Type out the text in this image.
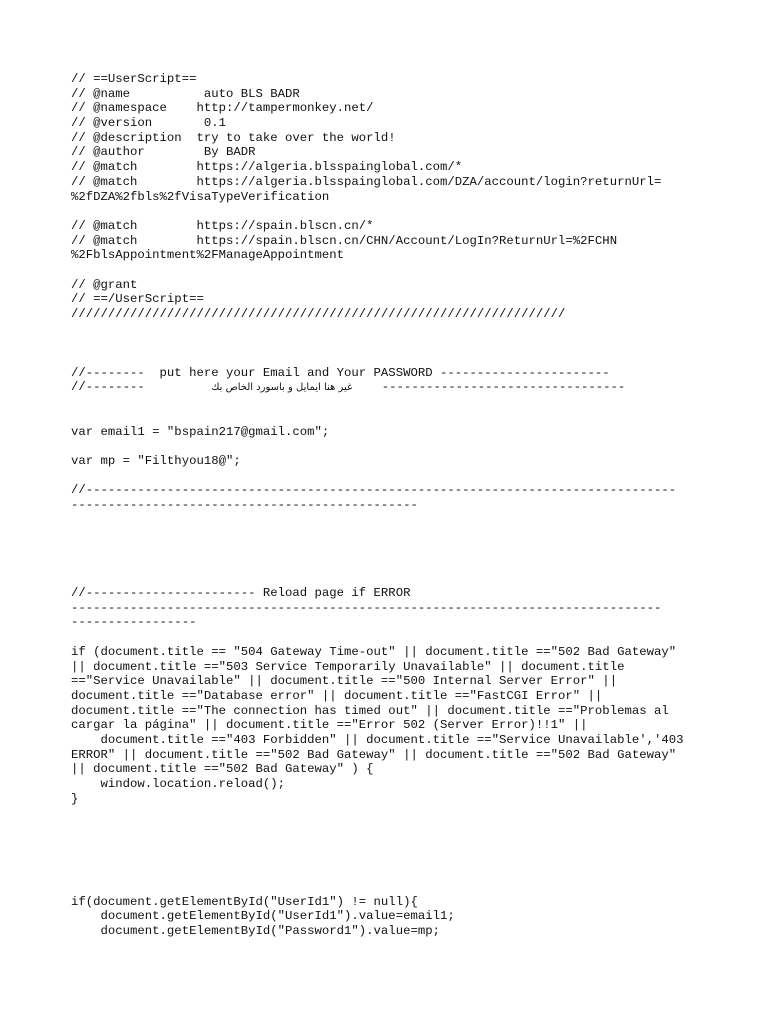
// ==UserScript==
// @name          auto BLS BADR
// @namespace    http://tampermonkey.net/
// @version       0.1
// @description  try to take over the world!
// @author        By BADR
// @match        https://algeria.blsspainglobal.com/*
// @match        https://algeria.blsspainglobal.com/DZA/account/login?returnUrl=
%2fDZA%2fbls%2fVisaTypeVerification
// @match        https://spain.blscn.cn/*
// @match        https://spain.blscn.cn/CHN/Account/LogIn?ReturnUrl=%2FCHN
%2FblsAppointment%2FManageAppointment
// @grant
// ==/UserScript==
///////////////////////////////////////////////////////////////////
//--------  put here your Email and Your PASSWORD -----------------------
//--------	غير هنا ايمايل و باسورد الخاص بك ---------------------------------
var email1 = "bspain217@gmail.com";
var mp = "Filthyou18@";
//--------------------------------------------------------------------------------
-----------------------------------------------
//----------------------- Reload page if ERROR
--------------------------------------------------------------------------------
-----------------
if (document.title == "504 Gateway Time-out" || document.title =="502 Bad Gateway"
|| document.title =="503 Service Temporarily Unavailable" || document.title
=="Service Unavailable" || document.title =="500 Internal Server Error" ||
document.title =="Database error" || document.title =="FastCGI Error" ||
document.title =="The connection has timed out" || document.title =="Problemas al
cargar la página" || document.title =="Error 502 (Server Error)!!1" ||
document.title =="403 Forbidden" || document.title =="Service Unavailable','403
ERROR" || document.title =="502 Bad Gateway" || document.title =="502 Bad Gateway"
|| document.title =="502 Bad Gateway" ) {
window.location.reload();
}
if(document.getElementById("UserId1") != null){
document.getElementById("UserId1").value=email1;
document.getElementById("Password1").value=mp;
